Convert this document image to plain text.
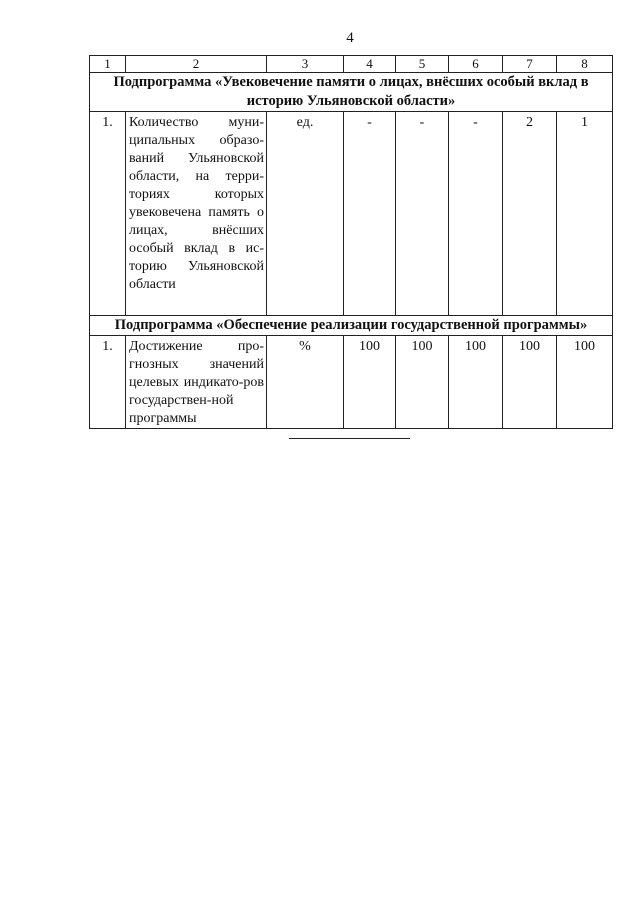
4
1	2	3	4	5	6	7	8
Подпрограмма «Увековечение памяти о лицах, внёсших особый вклад в историю Ульяновской области»							
1.	Количество муни-ципальных образо-ваний Ульяновской области, на терри-ториях которых увековечена память о лицах, внёсших особый вклад в ис-торию Ульяновской области	ед.	-	-	-	2	1
Подпрограмма «Обеспечение реализации государственной программы»							
1.	Достижение про-гнозных значений целевых индикато-ров государствен-ной программы	%	100	100	100	100	100
